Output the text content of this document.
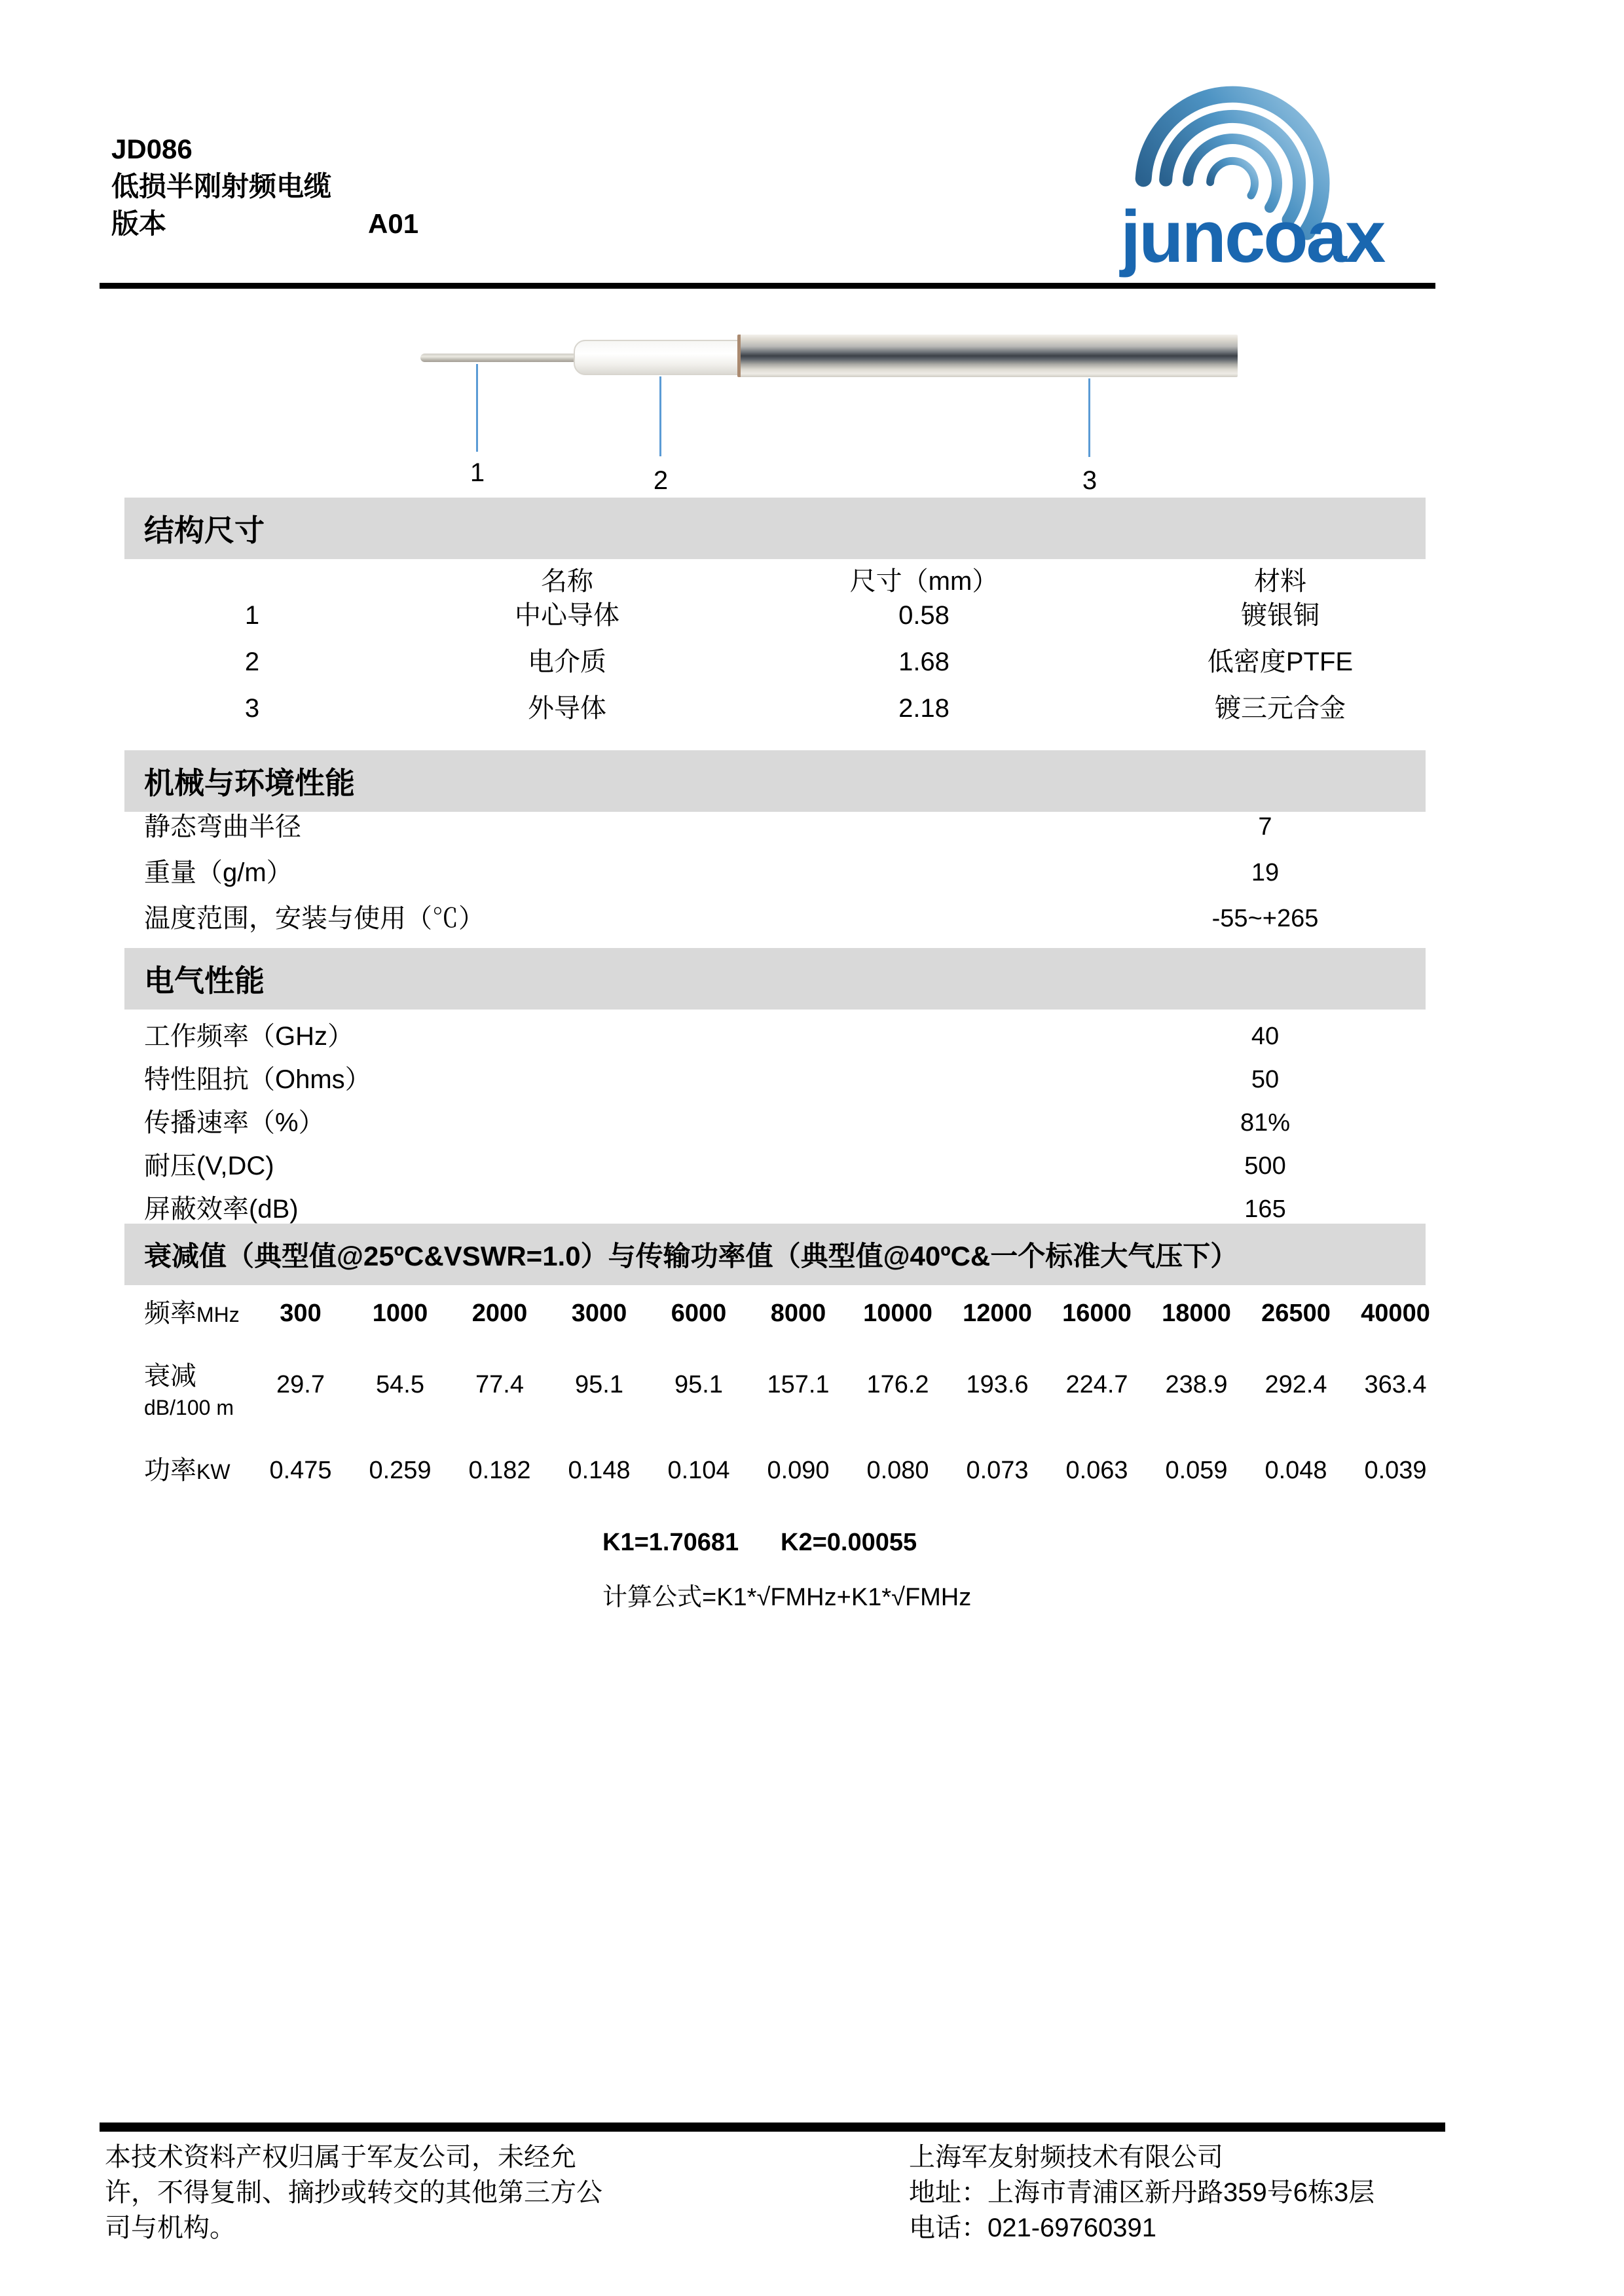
JD086
低损半刚射频电缆
版本	A01	juncoax
1	2	3
结构尺寸
名称	尺寸（mm）	材料
1	中心导体	0.58	镀银铜
2	电介质	1.68	低密度PTFE
3	外导体	2.18	镀三元合金
机械与环境性能
静态弯曲半径	7
重量（g/m）	19
温度范围，安装与使用（℃）	-55~+265
电气性能
工作频率（GHz）	40
特性阻抗（Ohms）	50
传播速率（%）	81%
耐压(V,DC)	500
屏蔽效率(dB)	165
衰减值（典型值@25ºC&VSWR=1.0）与传输功率值（典型值@40ºC&一个标准大气压下）
频率MHz 300 1000 2000 3000 6000 8000 10000 12000 16000 18000 26500 40000
衰减
dB/100 m
29.7 54.5 77.4 95.1 95.1 157.1 176.2 193.6 224.7 238.9 292.4 363.4
功率KW 0.475 0.259 0.182 0.148 0.104 0.090 0.080 0.073 0.063 0.059 0.048 0.039
K1=1.70681 K2=0.00055
计算公式=K1*√FMHz+K1*√FMHz
本技术资料产权归属于军友公司，未经允
许，不得复制、摘抄或转交的其他第三方公
司与机构。
上海军友射频技术有限公司
地址：上海市青浦区新丹路359号6栋3层
电话：021-69760391
